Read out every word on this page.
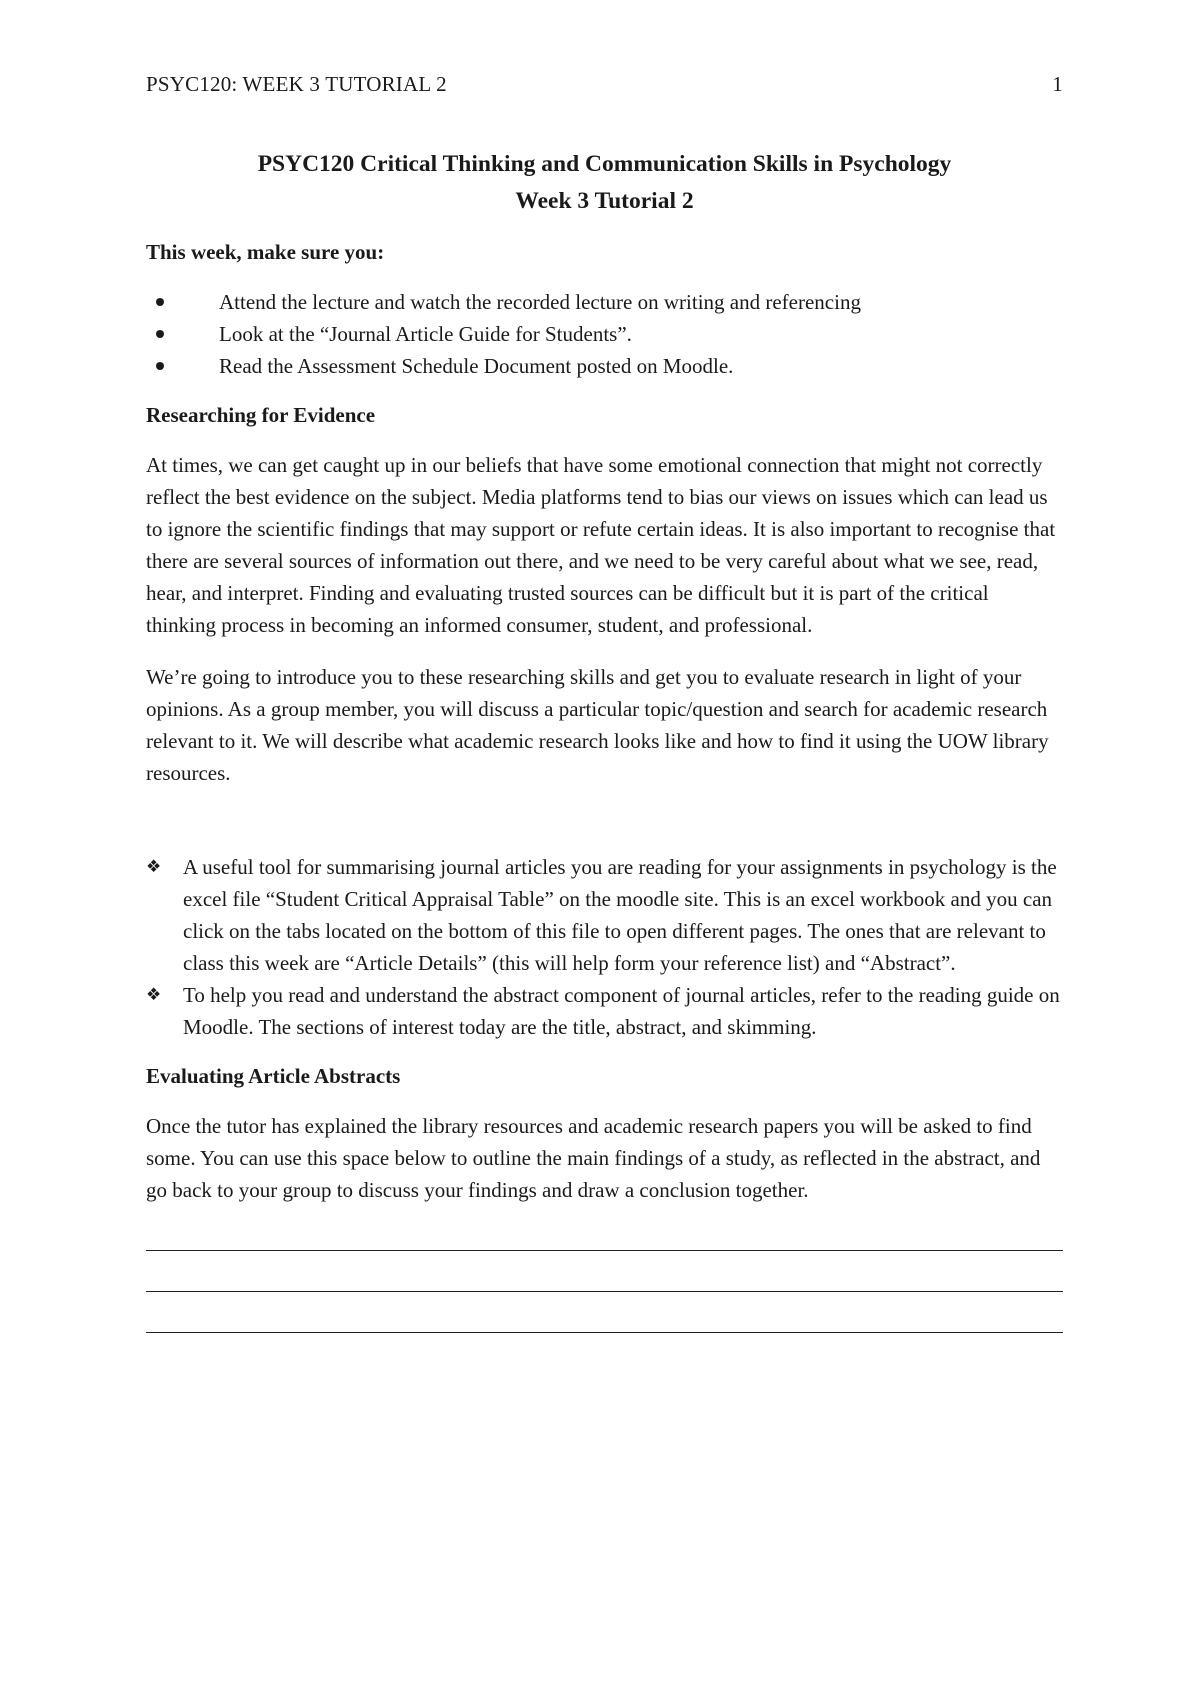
PSYC120: WEEK 3 TUTORIAL 2	1

PSYC120 Critical Thinking and Communication Skills in Psychology

Week 3 Tutorial 2

This week, make sure you:

Attend the lecture and watch the recorded lecture on writing and referencing
Look at the “Journal Article Guide for Students”.
Read the Assessment Schedule Document posted on Moodle.

Researching for Evidence

At times, we can get caught up in our beliefs that have some emotional connection that might not correctly reflect the best evidence on the subject. Media platforms tend to bias our views on issues which can lead us to ignore the scientific findings that may support or refute certain ideas. It is also important to recognise that there are several sources of information out there, and we need to be very careful about what we see, read, hear, and interpret. Finding and evaluating trusted sources can be difficult but it is part of the critical thinking process in becoming an informed consumer, student, and professional.

We’re going to introduce you to these researching skills and get you to evaluate research in light of your opinions. As a group member, you will discuss a particular topic/question and search for academic research relevant to it. We will describe what academic research looks like and how to find it using the UOW library resources.

❖ A useful tool for summarising journal articles you are reading for your assignments in psychology is the excel file “Student Critical Appraisal Table” on the moodle site. This is an excel workbook and you can click on the tabs located on the bottom of this file to open different pages. The ones that are relevant to class this week are “Article Details” (this will help form your reference list) and “Abstract”.
❖ To help you read and understand the abstract component of journal articles, refer to the reading guide on Moodle. The sections of interest today are the title, abstract, and skimming.

Evaluating Article Abstracts

Once the tutor has explained the library resources and academic research papers you will be asked to find some. You can use this space below to outline the main findings of a study, as reflected in the abstract, and go back to your group to discuss your findings and draw a conclusion together.
